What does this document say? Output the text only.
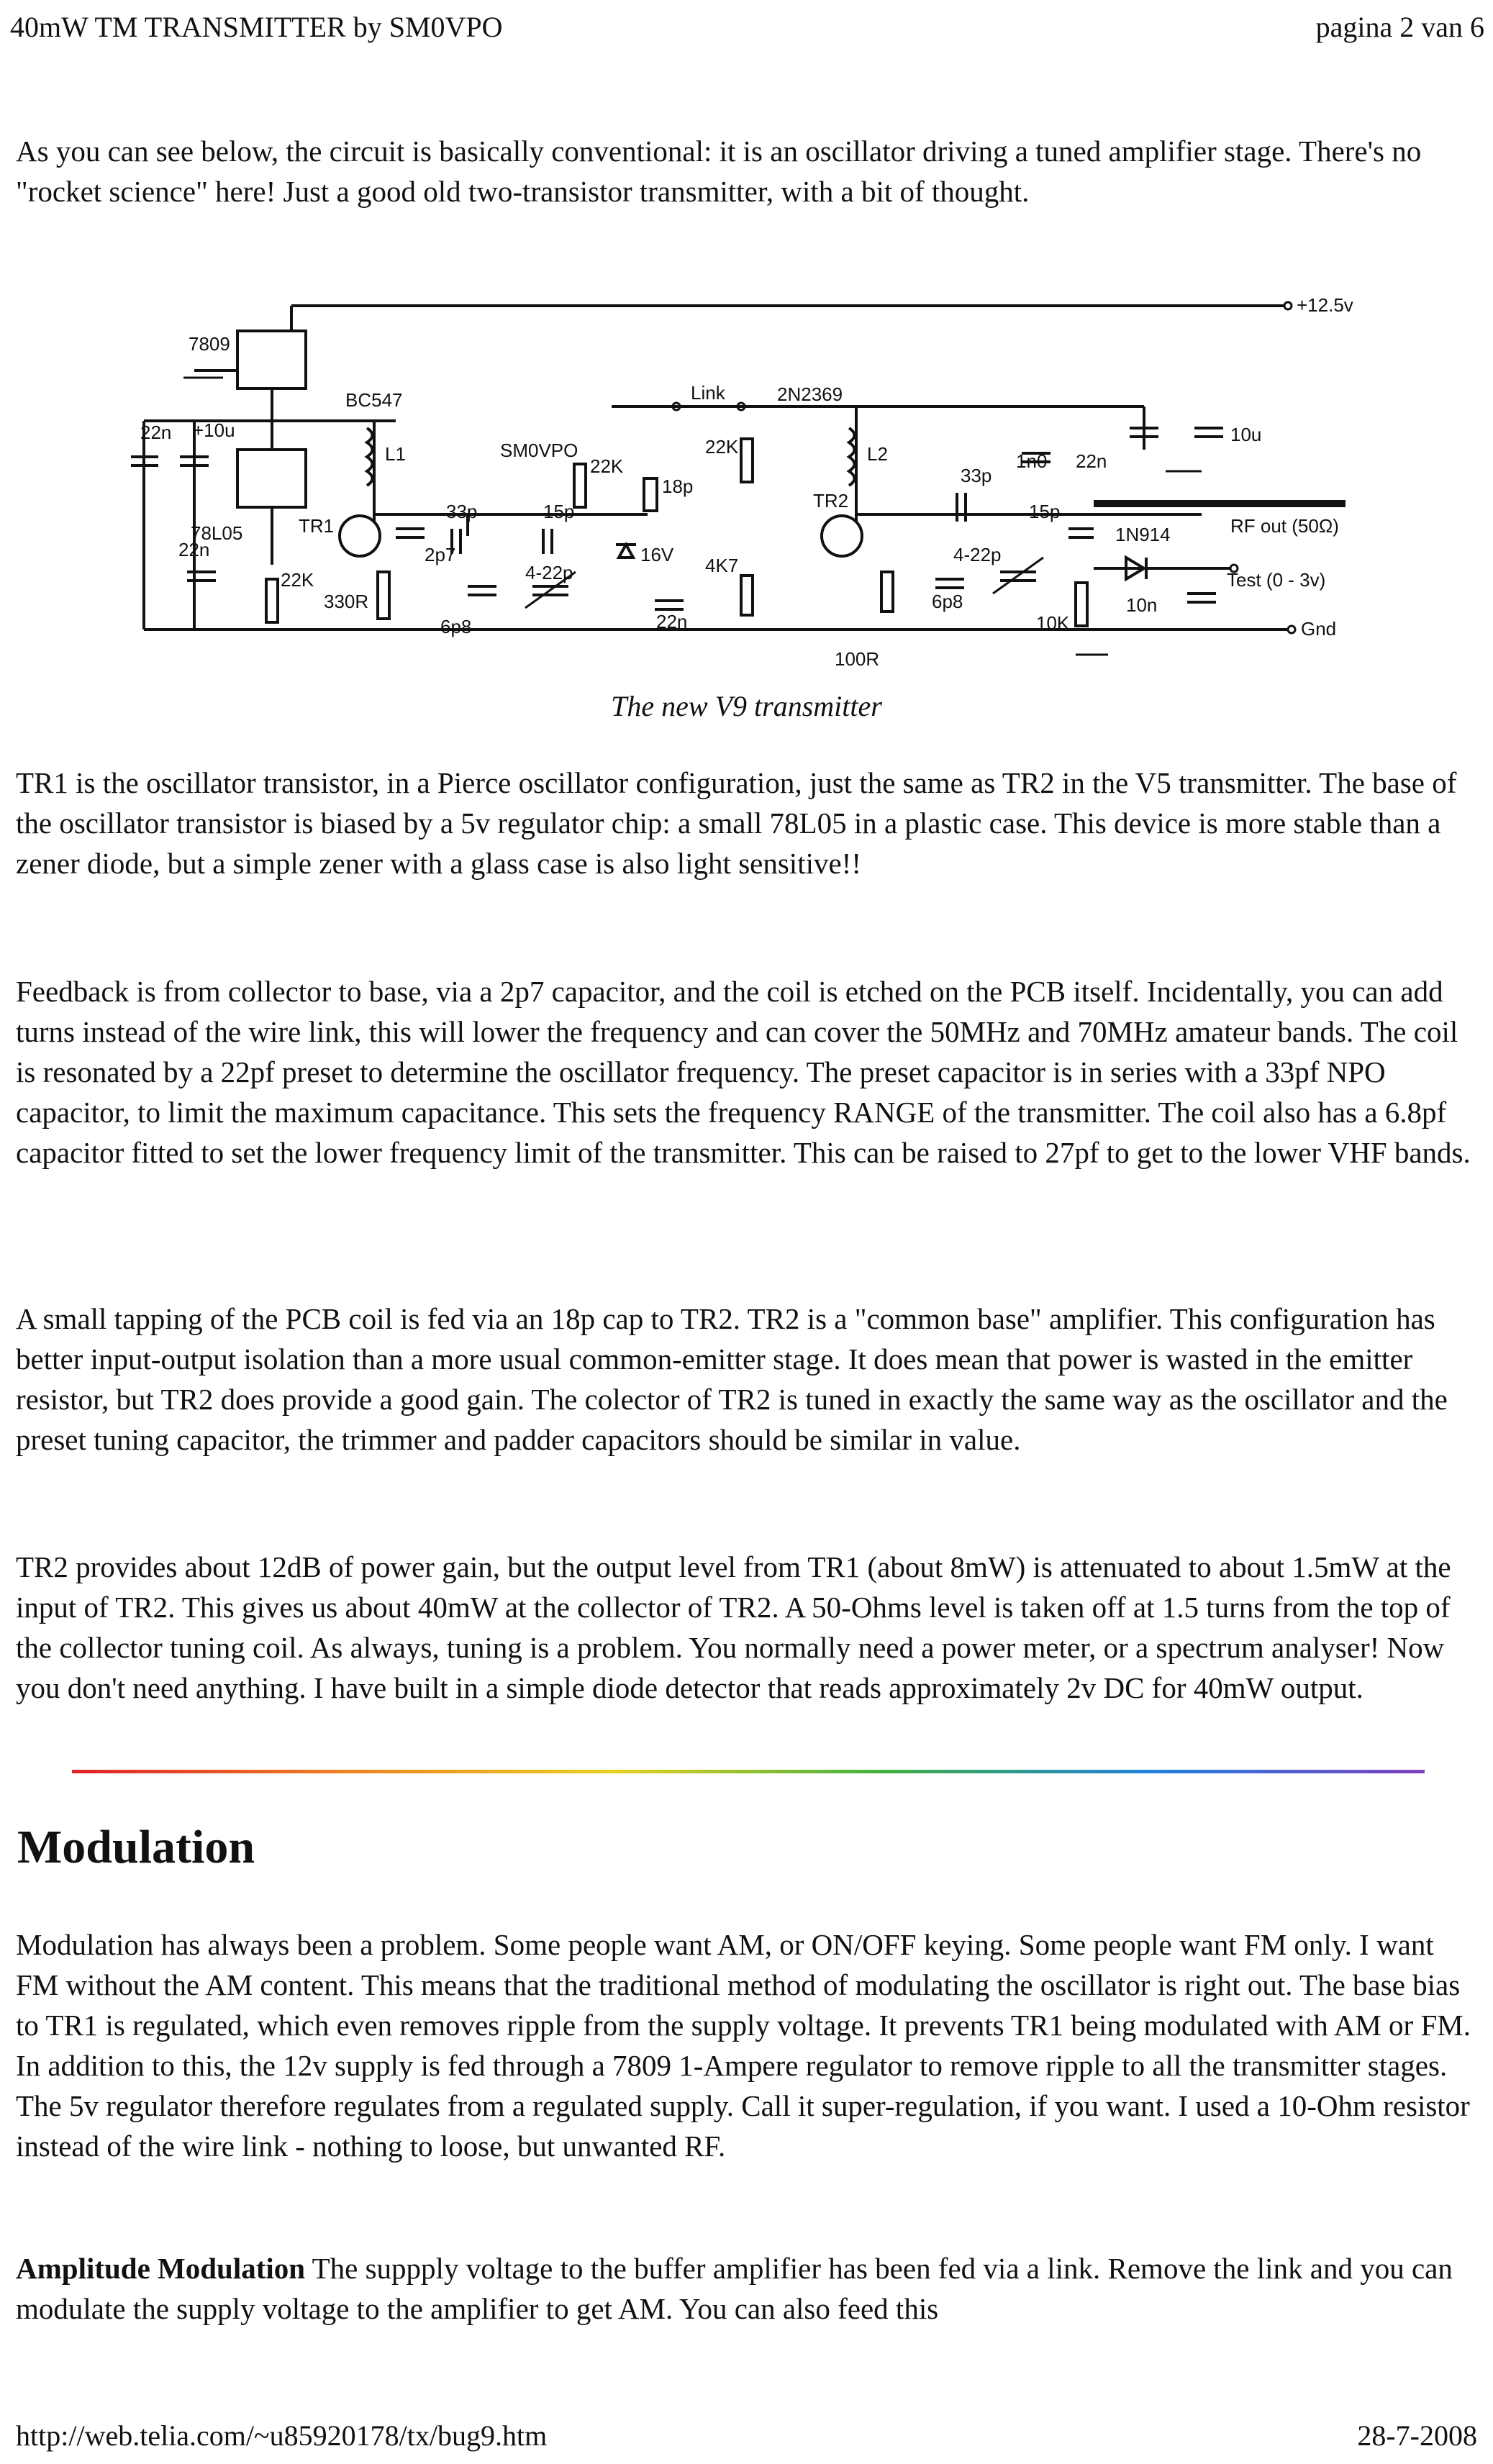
40mW TM TRANSMITTER by SM0VPO	pagina 2 van 6

As you can see below, the circuit is basically conventional: it is an oscillator driving a tuned amplifier stage. There's no "rocket science" here! Just a good old two-transistor transmitter, with a bit of thought.

+12.5v
7809
78L05
22n +10u
Gnd
22n
22K
TR1
BC547
L1
330R
2p7
SM0VPO
33p	15p
22K
6p8
4-22p
16V
18p
Link
22n
4K7
22K
TR2
2N2369
L2
100R
33p
6p8
4-22p
1n0 22n
10u
15p
RF out (50Ω)
10K
1N914
10n
Test (0 - 3v)
The new V9 transmitter

TR1 is the oscillator transistor, in a Pierce oscillator configuration, just the same as TR2 in the V5 transmitter. The base of the oscillator transistor is biased by a 5v regulator chip: a small 78L05 in a plastic case. This device is more stable than a zener diode, but a simple zener with a glass case is also light sensitive!!

Feedback is from collector to base, via a 2p7 capacitor, and the coil is etched on the PCB itself. Incidentally, you can add turns instead of the wire link, this will lower the frequency and can cover the 50MHz and 70MHz amateur bands. The coil is resonated by a 22pf preset to determine the oscillator frequency. The preset capacitor is in series with a 33pf NPO capacitor, to limit the maximum capacitance. This sets the frequency RANGE of the transmitter. The coil also has a 6.8pf capacitor fitted to set the lower frequency limit of the transmitter. This can be raised to 27pf to get to the lower VHF bands.

A small tapping of the PCB coil is fed via an 18p cap to TR2. TR2 is a "common base" amplifier. This configuration has better input-output isolation than a more usual common-emitter stage. It does mean that power is wasted in the emitter resistor, but TR2 does provide a good gain. The colector of TR2 is tuned in exactly the same way as the oscillator and the preset tuning capacitor, the trimmer and padder capacitors should be similar in value.

TR2 provides about 12dB of power gain, but the output level from TR1 (about 8mW) is attenuated to about 1.5mW at the input of TR2. This gives us about 40mW at the collector of TR2. A 50-Ohms level is taken off at 1.5 turns from the top of the collector tuning coil. As always, tuning is a problem. You normally need a power meter, or a spectrum analyser! Now you don't need anything. I have built in a simple diode detector that reads approximately 2v DC for 40mW output.

Modulation

Modulation has always been a problem. Some people want AM, or ON/OFF keying. Some people want FM only. I want FM without the AM content. This means that the traditional method of modulating the oscillator is right out. The base bias to TR1 is regulated, which even removes ripple from the supply voltage. It prevents TR1 being modulated with AM or FM. In addition to this, the 12v supply is fed through a 7809 1-Ampere regulator to remove ripple to all the transmitter stages. The 5v regulator therefore regulates from a regulated supply. Call it super-regulation, if you want. I used a 10-Ohm resistor instead of the wire link - nothing to loose, but unwanted RF.

Amplitude Modulation The suppply voltage to the buffer amplifier has been fed via a link. Remove the link and you can modulate the supply voltage to the amplifier to get AM. You can also feed this

http://web.telia.com/~u85920178/tx/bug9.htm	28-7-2008
